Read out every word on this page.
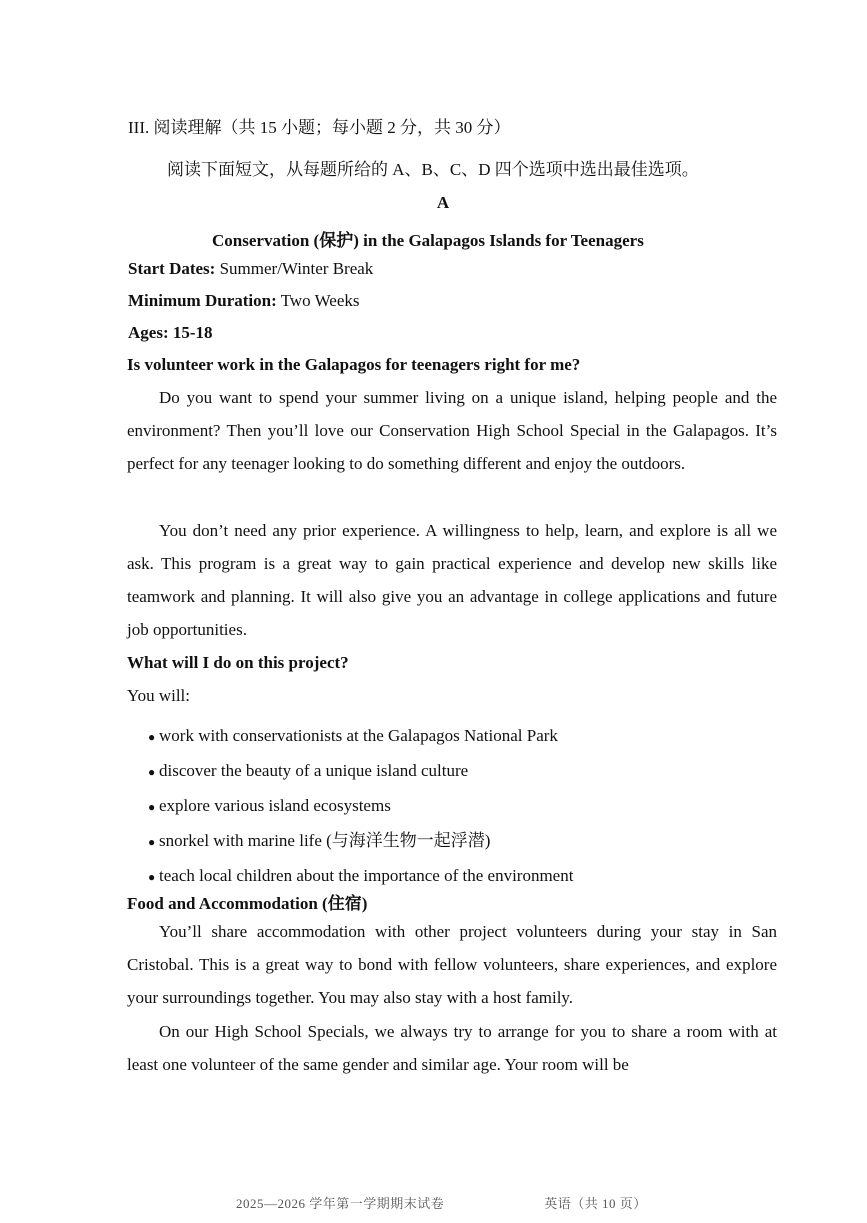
III. 阅读理解（共 15 小题；每小题 2 分，共 30 分）
阅读下面短文，从每题所给的 A、B、C、D 四个选项中选出最佳选项。
A
Conservation (保护) in the Galapagos Islands for Teenagers
Start Dates: Summer/Winter Break
Minimum Duration: Two Weeks
Ages: 15-18
Is volunteer work in the Galapagos for teenagers right for me?

Do you want to spend your summer living on a unique island, helping people and the environment? Then you’ll love our Conservation High School Special in the Galapagos. It’s perfect for any teenager looking to do something different and enjoy the outdoors.

You don’t need any prior experience. A willingness to help, learn, and explore is all we ask. This program is a great way to gain practical experience and develop new skills like teamwork and planning. It will also give you an advantage in college applications and future job opportunities.

What will I do on this project?
You will:
● work with conservationists at the Galapagos National Park
● discover the beauty of a unique island culture
● explore various island ecosystems
● snorkel with marine life (与海洋生物一起浮潜)
● teach local children about the importance of the environment
Food and Accommodation (住宿)

You’ll share accommodation with other project volunteers during your stay in San Cristobal. This is a great way to bond with fellow volunteers, share experiences, and explore your surroundings together. You may also stay with a host family.

On our High School Specials, we always try to arrange for you to share a room with at least one volunteer of the same gender and similar age. Your room will be

2025—2026 学年第一学期期末试卷	英语（共 10 页）
